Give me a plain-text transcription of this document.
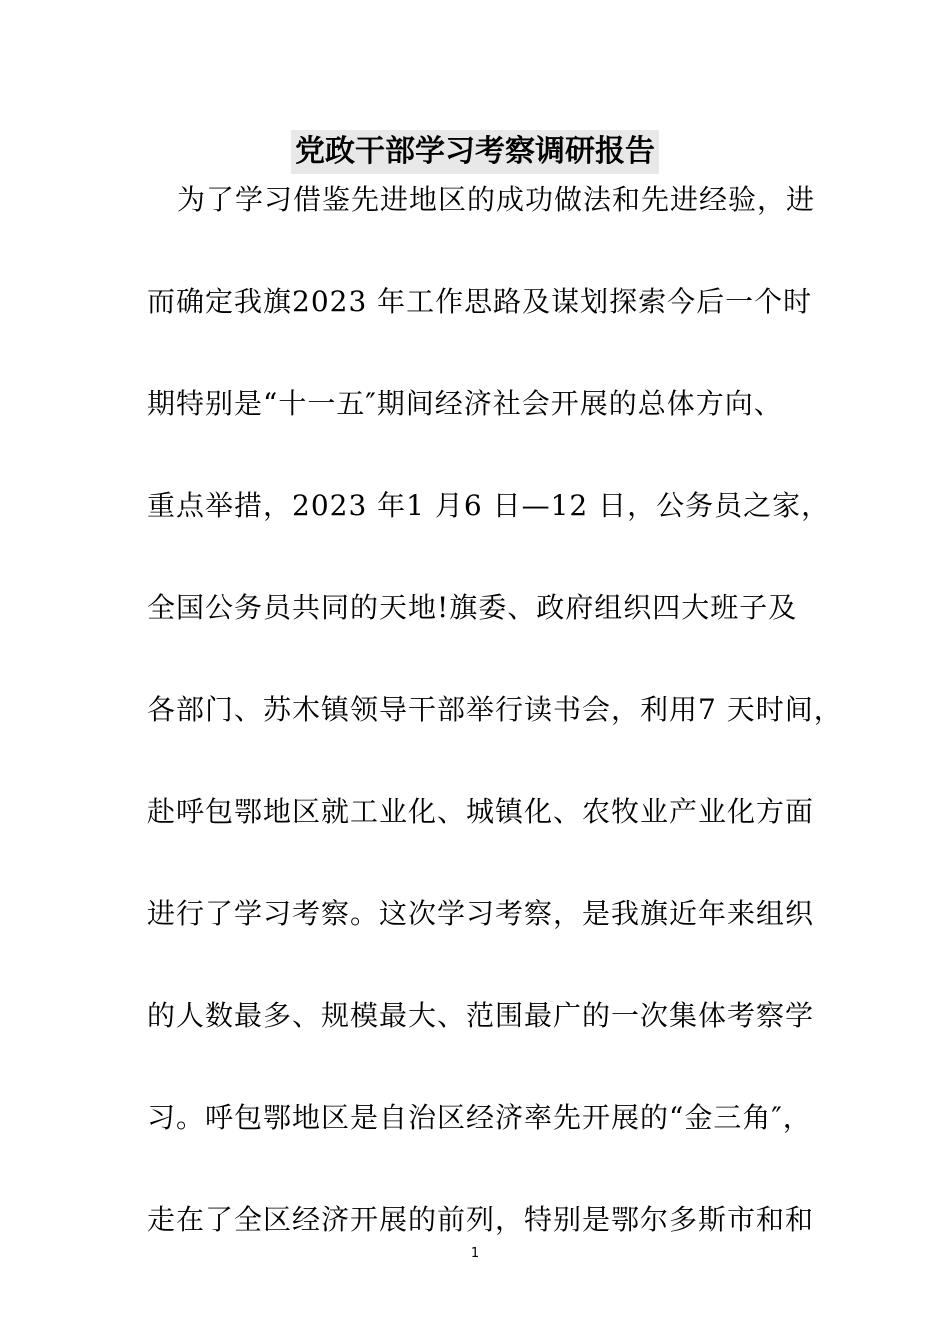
党政干部学习考察调研报告
为了学习借鉴先进地区的成功做法和先进经验，进
而确定我旗2023 年工作思路及谋划探索今后一个时
期特别是“十一五″期间经济社会开展的总体方向、
重点举措，2023 年1 月6 日—12 日，公务员之家，
全国公务员共同的天地!旗委、政府组织四大班子及
各部门、苏木镇领导干部举行读书会，利用7 天时间，
赴呼包鄂地区就工业化、城镇化、农牧业产业化方面
进行了学习考察。这次学习考察，是我旗近年来组织
的人数最多、规模最大、范围最广的一次集体考察学
习。呼包鄂地区是自治区经济率先开展的“金三角″，
走在了全区经济开展的前列，特别是鄂尔多斯市和和
1
